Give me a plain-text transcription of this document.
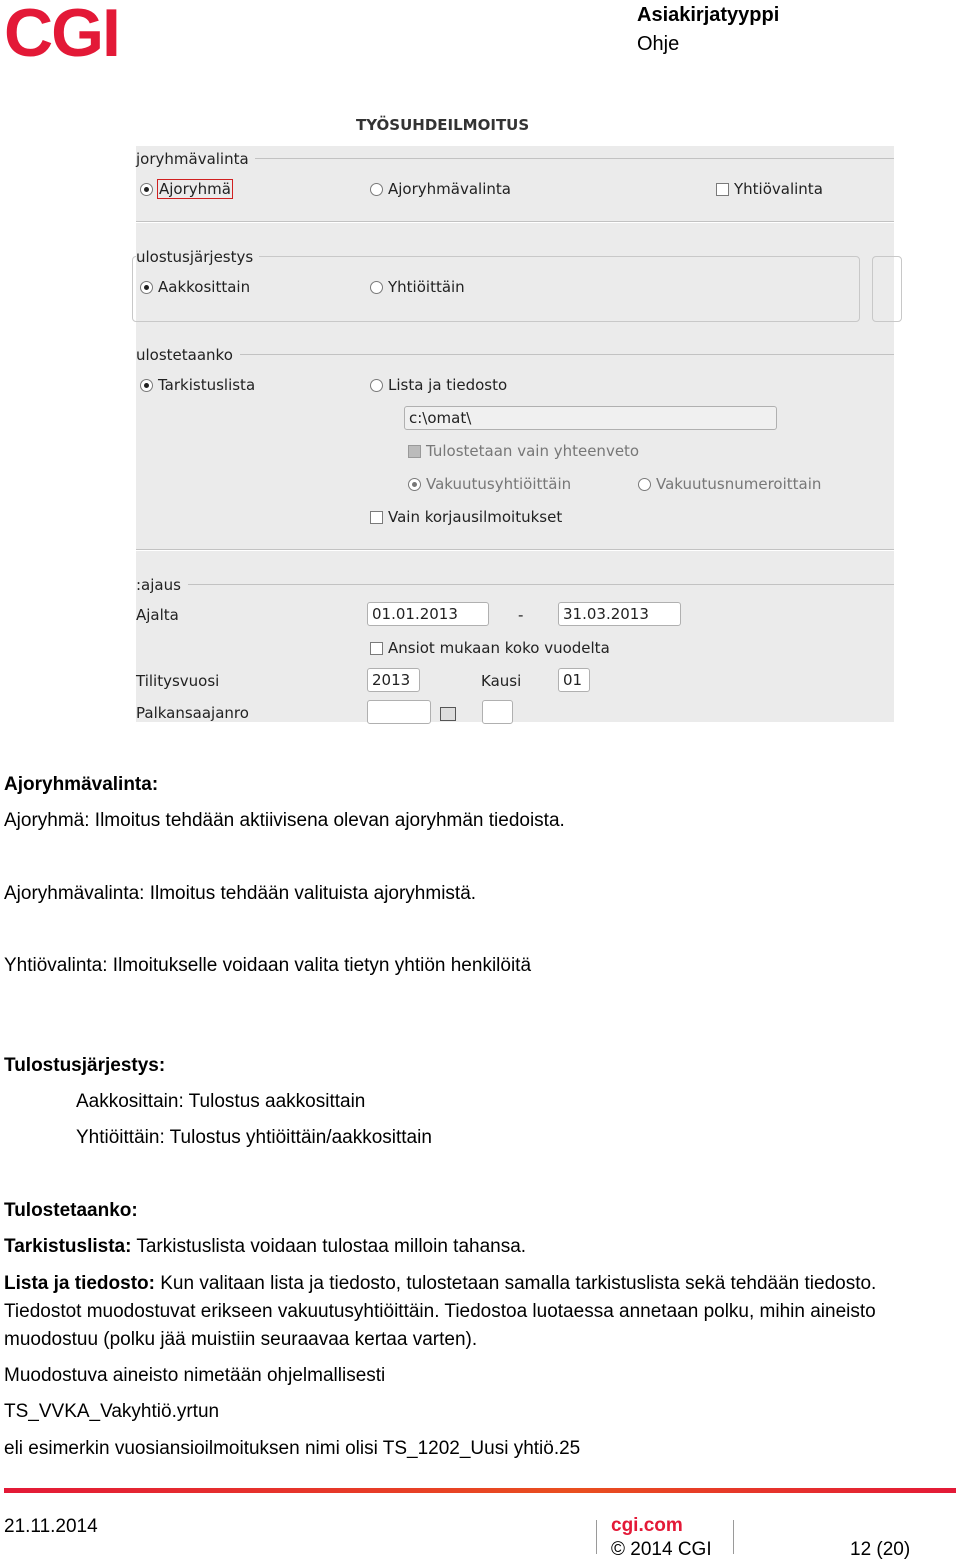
CGI	Asiakirjatyyppi
Ohje
TYÖSUHDEILMOITUS
joryhmävalinta
Ajoryhmä	Ajoryhmävalinta	Yhtiövalinta
ulostusjärjestys
Aakkosittain	Yhtiöittäin
ulostetaanko
Tarkistuslista	Lista ja tiedosto
c:\omat\
Tulostetaan vain yhteenveto
Vakuutusyhtiöittäin	Vakuutusnumeroittain
Vain korjausilmoitukset
:ajaus
Ajalta	01.01.2013	-	31.03.2013
Ansiot mukaan koko vuodelta
Tilitysvuosi	2013	Kausi	01
Palkansaajanro
Ajoryhmävalinta:
Ajoryhmä: Ilmoitus tehdään aktiivisena olevan ajoryhmän tiedoista.
Ajoryhmävalinta: Ilmoitus tehdään valituista ajoryhmistä.
Yhtiövalinta: Ilmoitukselle voidaan valita tietyn yhtiön henkilöitä
Tulostusjärjestys:
Aakkosittain: Tulostus aakkosittain
Yhtiöittäin: Tulostus yhtiöittäin/aakkosittain
Tulostetaanko:
Tarkistuslista: Tarkistuslista voidaan tulostaa milloin tahansa.
Lista ja tiedosto: Kun valitaan lista ja tiedosto, tulostetaan samalla tarkistuslista sekä tehdään tiedosto.
Tiedostot muodostuvat erikseen vakuutusyhtiöittäin. Tiedostoa luotaessa annetaan polku, mihin aineisto
muodostuu (polku jää muistiin seuraavaa kertaa varten).
Muodostuva aineisto nimetään ohjelmallisesti
TS_VVKA_Vakyhtiö.yrtun
eli esimerkin vuosiansioilmoituksen nimi olisi TS_1202_Uusi yhtiö.25
21.11.2014	cgi.com
© 2014 CGI	12 (20)
